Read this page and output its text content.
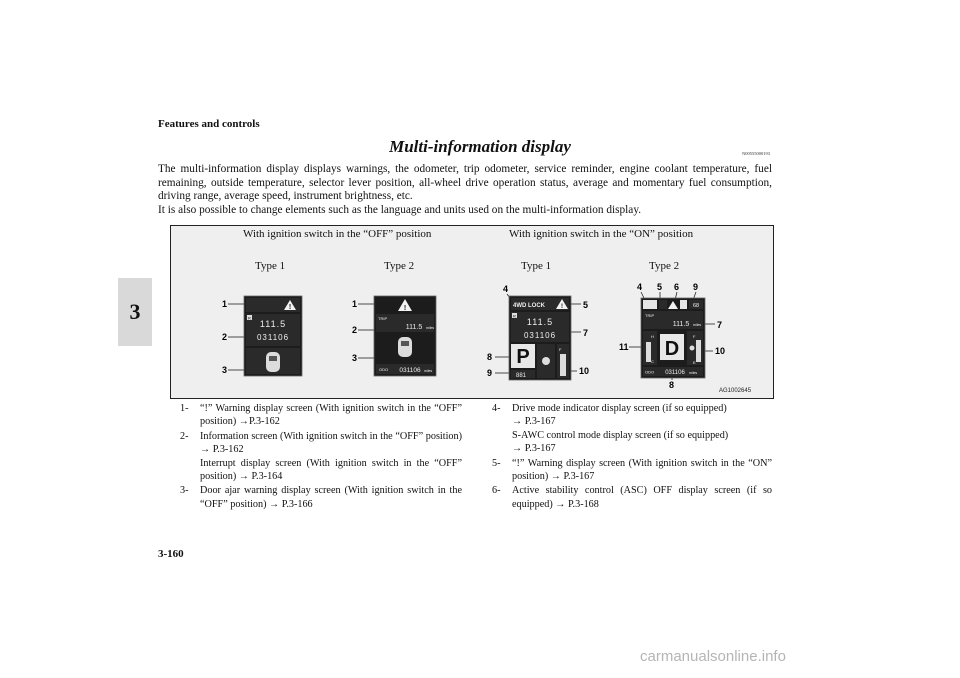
Features and controls
3
Multi-information display	N00555000193

The multi-information display displays warnings, the odometer, trip odometer, service reminder, engine coolant temperature, fuel remaining, outside temperature, selector lever position, all-wheel drive operation status, average and momentary fuel consumption, driving range, average speed, instrument brightness, etc.

It is also possible to change elements such as the language and units used on the multi-information display.

With ignition switch in the “OFF” position	With ignition switch in the “ON” position
Type 1	Type 2	Type 1	Type 2
AG1002645
1
2
3
!
R
111.5
031106
1
2
3
!
TRIP
111.5 miles
ODO 031106 miles
4
5
7
8
9	10
4WD LOCK	!
R
111.5
031106
P	F
881
4 5 6 9
7
11	10
8
68
TRIP
111.5 miles
H
C
D
F
E
ODO 031106 miles
1-	“!” Warning display screen (With ignition switch in the “OFF” position) →P.3-162
2-	Information screen (With ignition switch in the “OFF” position) → P.3-162
Interrupt display screen (With ignition switch in the “OFF” position) → P.3-164
3-	Door ajar warning display screen (With ignition switch in the “OFF” position) → P.3-166
4-	Drive mode indicator display screen (if so equipped)
→ P.3-167
S-AWC control mode display screen (if so equipped)
→ P.3-167
5-	“!” Warning display screen (With ignition switch in the “ON” position) → P.3-167
6-	Active stability control (ASC) OFF display screen (if so equipped) → P.3-168
3-160
carmanualsonline.info
